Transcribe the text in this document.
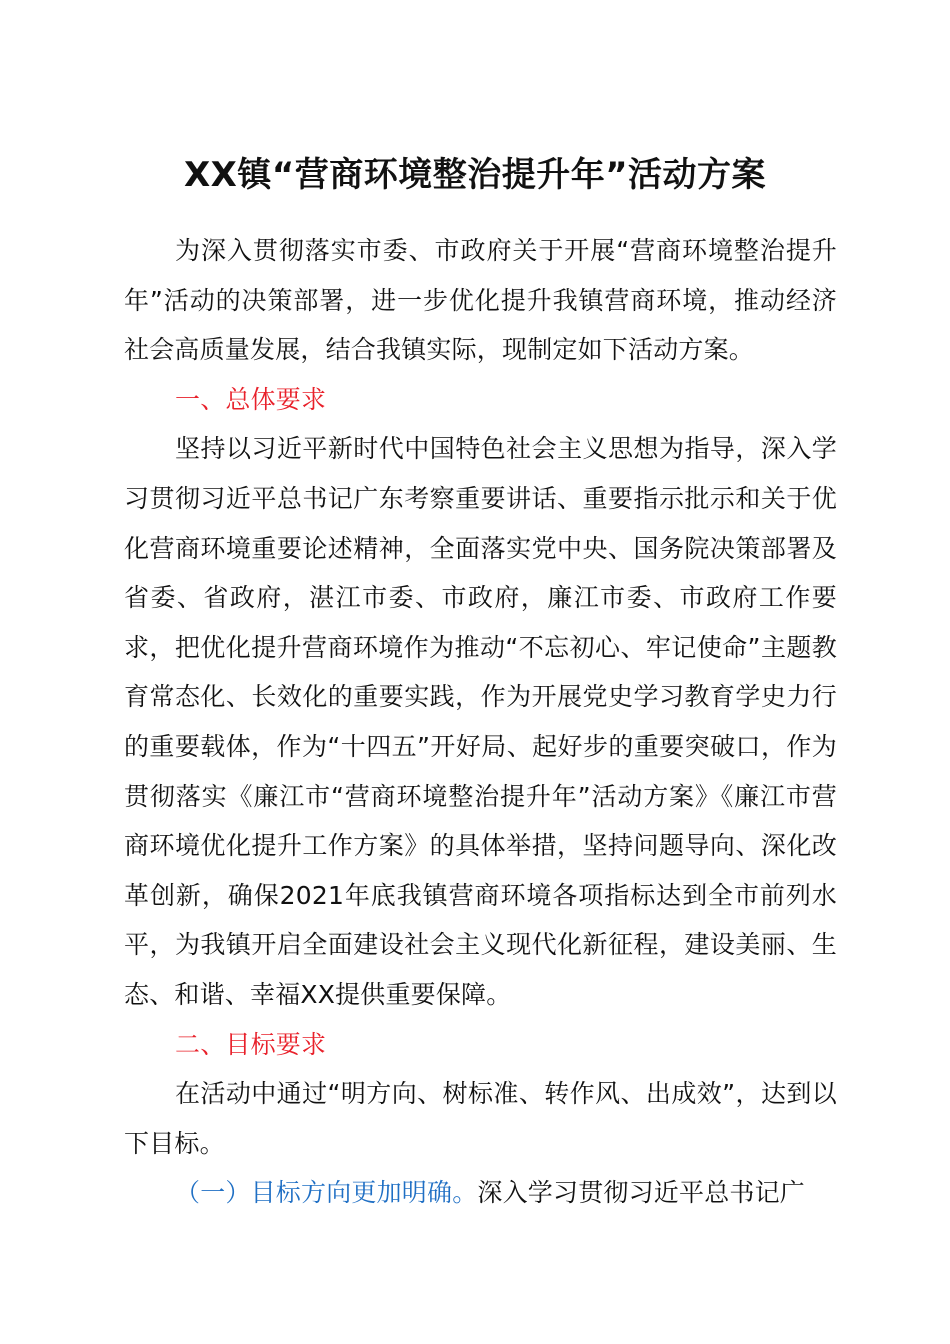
XX镇“营商环境整治提升年”活动方案

为深入贯彻落实市委、市政府关于开展“营商环境整治提升年”活动的决策部署，进一步优化提升我镇营商环境，推动经济社会高质量发展，结合我镇实际，现制定如下活动方案。

一、总体要求

坚持以习近平新时代中国特色社会主义思想为指导，深入学习贯彻习近平总书记广东考察重要讲话、重要指示批示和关于优化营商环境重要论述精神，全面落实党中央、国务院决策部署及省委、省政府，湛江市委、市政府，廉江市委、市政府工作要求，把优化提升营商环境作为推动“不忘初心、牢记使命”主题教育常态化、长效化的重要实践，作为开展党史学习教育学史力行的重要载体，作为“十四五”开好局、起好步的重要突破口，作为贯彻落实《廉江市“营商环境整治提升年”活动方案》《廉江市营商环境优化提升工作方案》的具体举措，坚持问题导向、深化改革创新，确保2021年底我镇营商环境各项指标达到全市前列水平，为我镇开启全面建设社会主义现代化新征程，建设美丽、生态、和谐、幸福XX提供重要保障。

二、目标要求

在活动中通过“明方向、树标准、转作风、出成效”，达到以下目标。

（一）目标方向更加明确。深入学习贯彻习近平总书记广
